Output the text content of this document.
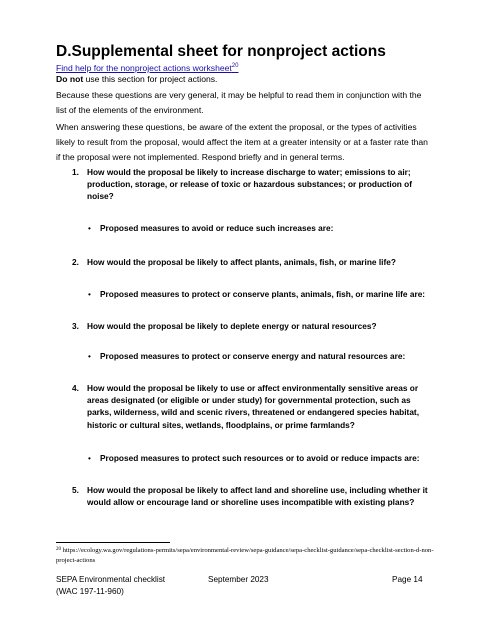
D.Supplemental sheet for nonproject actions
Find help for the nonproject actions worksheet$^{20}$
Do not use this section for project actions.
Because these questions are very general, it may be helpful to read them in conjunction with the list of the elements of the environment.
When answering these questions, be aware of the extent the proposal, or the types of activities likely to result from the proposal, would affect the item at a greater intensity or at a faster rate than if the proposal were not implemented. Respond briefly and in general terms.
1. How would the proposal be likely to increase discharge to water; emissions to air; production, storage, or release of toxic or hazardous substances; or production of noise?
• Proposed measures to avoid or reduce such increases are:
2. How would the proposal be likely to affect plants, animals, fish, or marine life?
• Proposed measures to protect or conserve plants, animals, fish, or marine life are:
3. How would the proposal be likely to deplete energy or natural resources?
• Proposed measures to protect or conserve energy and natural resources are:
4. How would the proposal be likely to use or affect environmentally sensitive areas or areas designated (or eligible or under study) for governmental protection, such as parks, wilderness, wild and scenic rivers, threatened or endangered species habitat, historic or cultural sites, wetlands, floodplains, or prime farmlands?
• Proposed measures to protect such resources or to avoid or reduce impacts are:
5. How would the proposal be likely to affect land and shoreline use, including whether it would allow or encourage land or shoreline uses incompatible with existing plans?
$^{20}$ https://ecology.wa.gov/regulations-permits/sepa/environmental-review/sepa-guidance/sepa-checklist-guidance/sepa-checklist-section-d-non-project-actions
SEPA Environmental checklist
(WAC 197-11-960)
September 2023	Page 14
